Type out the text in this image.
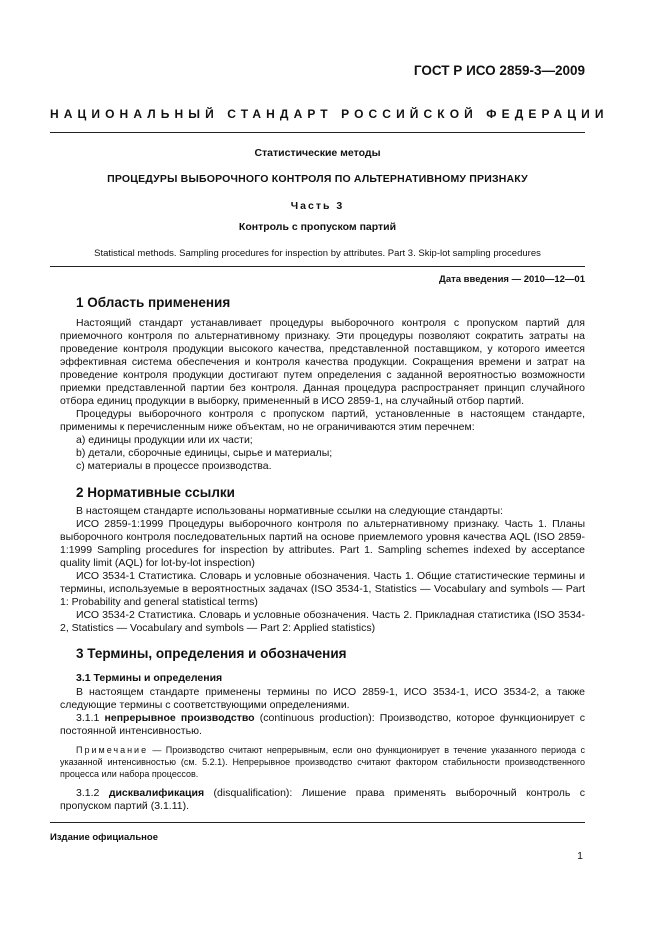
ГОСТ Р ИСО 2859-3—2009
НАЦИОНАЛЬНЫЙ СТАНДАРТ РОССИЙСКОЙ ФЕДЕРАЦИИ
Статистические методы
ПРОЦЕДУРЫ ВЫБОРОЧНОГО КОНТРОЛЯ ПО АЛЬТЕРНАТИВНОМУ ПРИЗНАКУ
Часть 3
Контроль с пропуском партий
Statistical methods. Sampling procedures for inspection by attributes. Part 3. Skip-lot sampling procedures
Дата введения — 2010—12—01
1 Область применения

Настоящий стандарт устанавливает процедуры выборочного контроля с пропуском партий для приемочного контроля по альтернативному признаку. Эти процедуры позволяют сократить затраты на проведение контроля продукции высокого качества, представленной поставщиком, у которого имеется эффективная система обеспечения и контроля качества продукции. Сокращения времени и затрат на проведение контроля продукции достигают путем определения с заданной вероятностью возможности приемки представленной партии без контроля. Данная процедура распространяет принцип случайного отбора единиц продукции в выборку, примененный в ИСО 2859-1, на случайный отбор партий.

Процедуры выборочного контроля с пропуском партий, установленные в настоящем стандарте, применимы к перечисленным ниже объектам, но не ограничиваются этим перечнем:

а) единицы продукции или их части;

b) детали, сборочные единицы, сырье и материалы;

с) материалы в процессе производства.

2 Нормативные ссылки

В настоящем стандарте использованы нормативные ссылки на следующие стандарты:

ИСО 2859-1:1999 Процедуры выборочного контроля по альтернативному признаку. Часть 1. Планы выборочного контроля последовательных партий на основе приемлемого уровня качества AQL (ISO 2859-1:1999 Sampling procedures for inspection by attributes. Part 1. Sampling schemes indexed by acceptance quality limit (AQL) for lot-by-lot inspection)

ИСО 3534-1 Статистика. Словарь и условные обозначения. Часть 1. Общие статистические термины и термины, используемые в вероятностных задачах (ISO 3534-1, Statistics — Vocabulary and symbols — Part 1: Probability and general statistical terms)

ИСО 3534-2 Статистика. Словарь и условные обозначения. Часть 2. Прикладная статистика (ISO 3534-2, Statistics — Vocabulary and symbols — Part 2: Applied statistics)

3 Термины, определения и обозначения
3.1 Термины и определения

В настоящем стандарте применены термины по ИСО 2859-1, ИСО 3534-1, ИСО 3534-2, а также следующие термины с соответствующими определениями.

3.1.1 непрерывное производство (continuous production): Производство, которое функционирует с постоянной интенсивностью.

Примечание — Производство считают непрерывным, если оно функционирует в течение указанного периода с указанной интенсивностью (см. 5.2.1). Непрерывное производство считают фактором стабильности производственного процесса или набора процессов.

3.1.2 дисквалификация (disqualification): Лишение права применять выборочный контроль с пропуском партий (3.1.11).

Издание официальное
1
